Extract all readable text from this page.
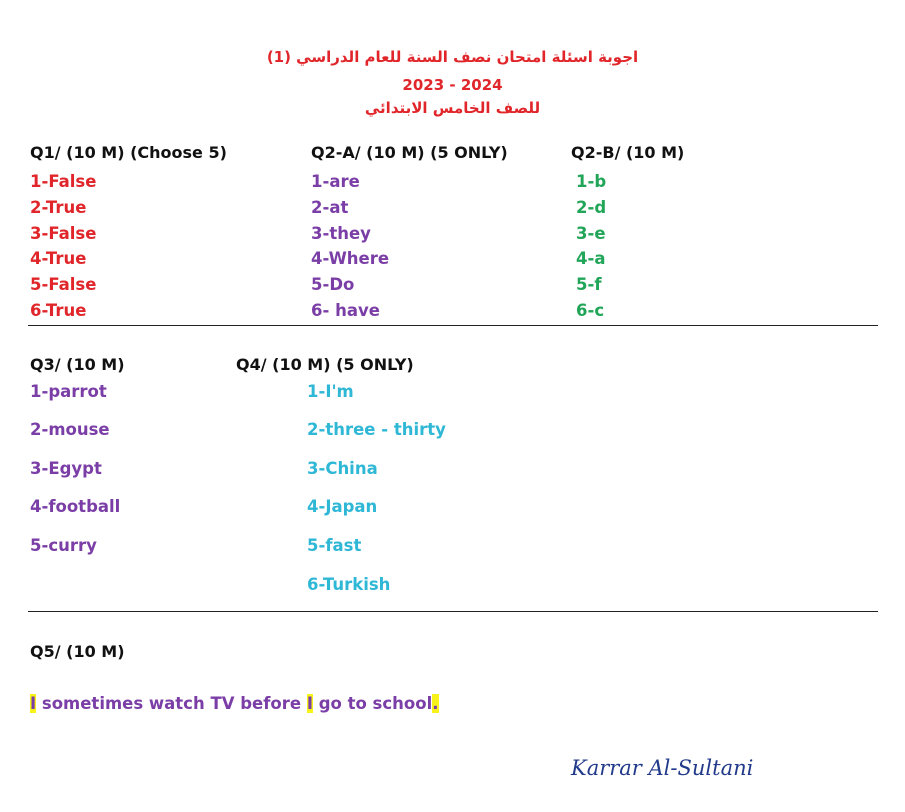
اجوبة اسئلة امتحان نصف السنة للعام الدراسي (1)
2023 - 2024
للصف الخامس الابتدائي
Q1/ (10 M) (Choose 5)
1-False
2-True
3-False
4-True
5-False
6-True
Q2-A/ (10 M) (5 ONLY)
1-are
2-at
3-they
4-Where
5-Do
6- have
Q2-B/ (10 M)
1-b
2-d
3-e
4-a
5-f
6-c
Q3/ (10 M)
1-parrot
2-mouse
3-Egypt
4-football
5-curry
Q4/ (10 M) (5 ONLY)
1-I'm
2-three - thirty
3-China
4-Japan
5-fast
6-Turkish
Q5/ (10 M)
I sometimes watch TV before I go to school.
Karrar Al-Sultani
